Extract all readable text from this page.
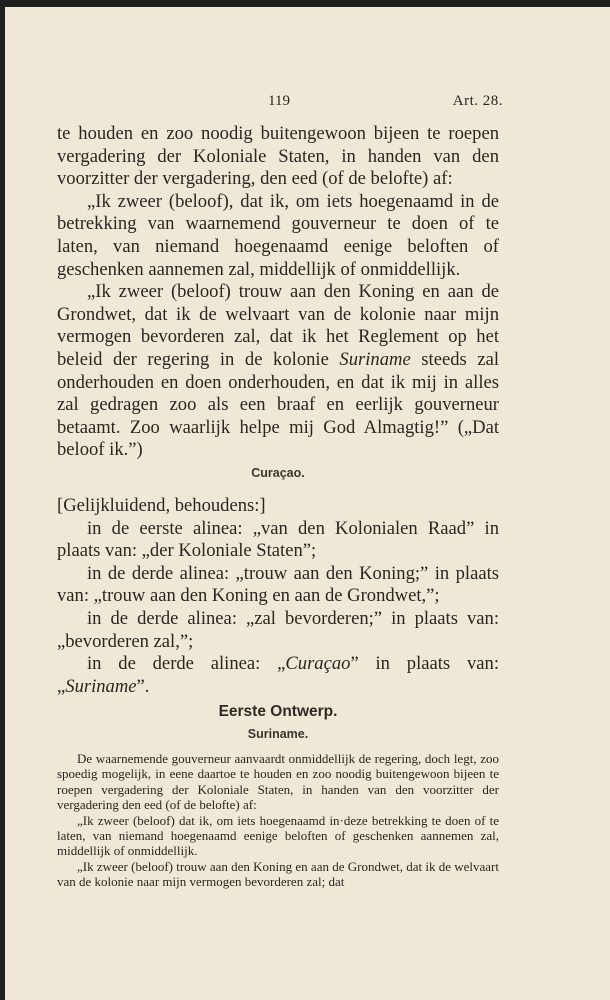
119	Art. 28.

te houden en zoo noodig buitengewoon bijeen te roepen vergadering der Koloniale Staten, in handen van den voorzitter der vergadering, den eed (of de belofte) af:

„Ik zweer (beloof), dat ik, om iets hoegenaamd in de betrekking van waarnemend gouverneur te doen of te laten, van niemand hoegenaamd eenige beloften of geschenken aannemen zal, middellijk of onmiddellijk.

„Ik zweer (beloof) trouw aan den Koning en aan de Grondwet, dat ik de welvaart van de kolonie naar mijn vermogen bevorderen zal, dat ik het Reglement op het beleid der regering in de kolonie Suriname steeds zal onderhouden en doen onderhouden, en dat ik mij in alles zal gedragen zoo als een braaf en eerlijk gouverneur betaamt. Zoo waarlijk helpe mij God Almagtig!” („Dat beloof ik.”)

Curaçao.

[Gelijkluidend, behoudens:]

in de eerste alinea: „van den Kolonialen Raad” in plaats van: „der Koloniale Staten”;

in de derde alinea: „trouw aan den Koning;” in plaats van: „trouw aan den Koning en aan de Grondwet,”;

in de derde alinea: „zal bevorderen;” in plaats van: „bevorderen zal,”;

in de derde alinea: „Curaçao” in plaats van: „Suriname”.

Eerste Ontwerp.
Suriname.

De waarnemende gouverneur aanvaardt onmiddellijk de regering, doch legt, zoo spoedig mogelijk, in eene daartoe te houden en zoo noodig buitengewoon bijeen te roepen vergadering der Koloniale Staten, in handen van den voorzitter der vergadering den eed (of de belofte) af:

„Ik zweer (beloof) dat ik, om iets hoegenaamd in·deze betrekking te doen of te laten, van niemand hoegenaamd eenige beloften of geschenken aannemen zal, middellijk of onmiddellijk.

„Ik zweer (beloof) trouw aan den Koning en aan de Grondwet, dat ik de welvaart van de kolonie naar mijn vermogen bevorderen zal; dat
